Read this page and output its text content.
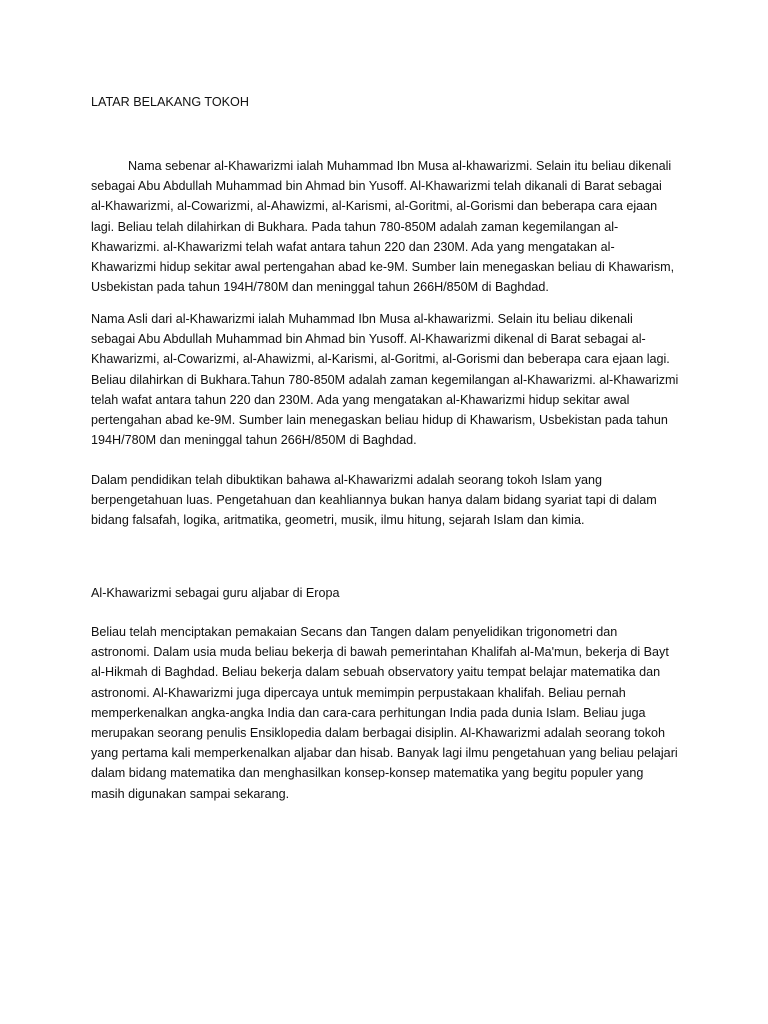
LATAR BELAKANG TOKOH
Nama sebenar al-Khawarizmi ialah Muhammad Ibn Musa al-khawarizmi. Selain itu beliau dikenali
sebagai Abu Abdullah Muhammad bin Ahmad bin Yusoff. Al-Khawarizmi telah dikanali di Barat sebagai
al-Khawarizmi, al-Cowarizmi, al-Ahawizmi, al-Karismi, al-Goritmi, al-Gorismi dan beberapa cara ejaan
lagi. Beliau telah dilahirkan di Bukhara. Pada tahun 780-850M adalah zaman kegemilangan al-
Khawarizmi. al-Khawarizmi telah wafat antara tahun 220 dan 230M. Ada yang mengatakan al-
Khawarizmi hidup sekitar awal pertengahan abad ke-9M. Sumber lain menegaskan beliau di Khawarism,
Usbekistan pada tahun 194H/780M dan meninggal tahun 266H/850M di Baghdad.
Nama Asli dari al-Khawarizmi ialah Muhammad Ibn Musa al-khawarizmi. Selain itu beliau dikenali
sebagai Abu Abdullah Muhammad bin Ahmad bin Yusoff. Al-Khawarizmi dikenal di Barat sebagai al-
Khawarizmi, al-Cowarizmi, al-Ahawizmi, al-Karismi, al-Goritmi, al-Gorismi dan beberapa cara ejaan lagi.
Beliau dilahirkan di Bukhara.Tahun 780-850M adalah zaman kegemilangan al-Khawarizmi. al-Khawarizmi
telah wafat antara tahun 220 dan 230M. Ada yang mengatakan al-Khawarizmi hidup sekitar awal
pertengahan abad ke-9M. Sumber lain menegaskan beliau hidup di Khawarism, Usbekistan pada tahun
194H/780M dan meninggal tahun 266H/850M di Baghdad.
Dalam pendidikan telah dibuktikan bahawa al-Khawarizmi adalah seorang tokoh Islam yang
berpengetahuan luas. Pengetahuan dan keahliannya bukan hanya dalam bidang syariat tapi di dalam
bidang falsafah, logika, aritmatika, geometri, musik, ilmu hitung, sejarah Islam dan kimia.
Al-Khawarizmi sebagai guru aljabar di Eropa
Beliau telah menciptakan pemakaian Secans dan Tangen dalam penyelidikan trigonometri dan
astronomi. Dalam usia muda beliau bekerja di bawah pemerintahan Khalifah al-Ma'mun, bekerja di Bayt
al-Hikmah di Baghdad. Beliau bekerja dalam sebuah observatory yaitu tempat belajar matematika dan
astronomi. Al-Khawarizmi juga dipercaya untuk memimpin perpustakaan khalifah. Beliau pernah
memperkenalkan angka-angka India dan cara-cara perhitungan India pada dunia Islam. Beliau juga
merupakan seorang penulis Ensiklopedia dalam berbagai disiplin. Al-Khawarizmi adalah seorang tokoh
yang pertama kali memperkenalkan aljabar dan hisab. Banyak lagi ilmu pengetahuan yang beliau pelajari
dalam bidang matematika dan menghasilkan konsep-konsep matematika yang begitu populer yang
masih digunakan sampai sekarang.
